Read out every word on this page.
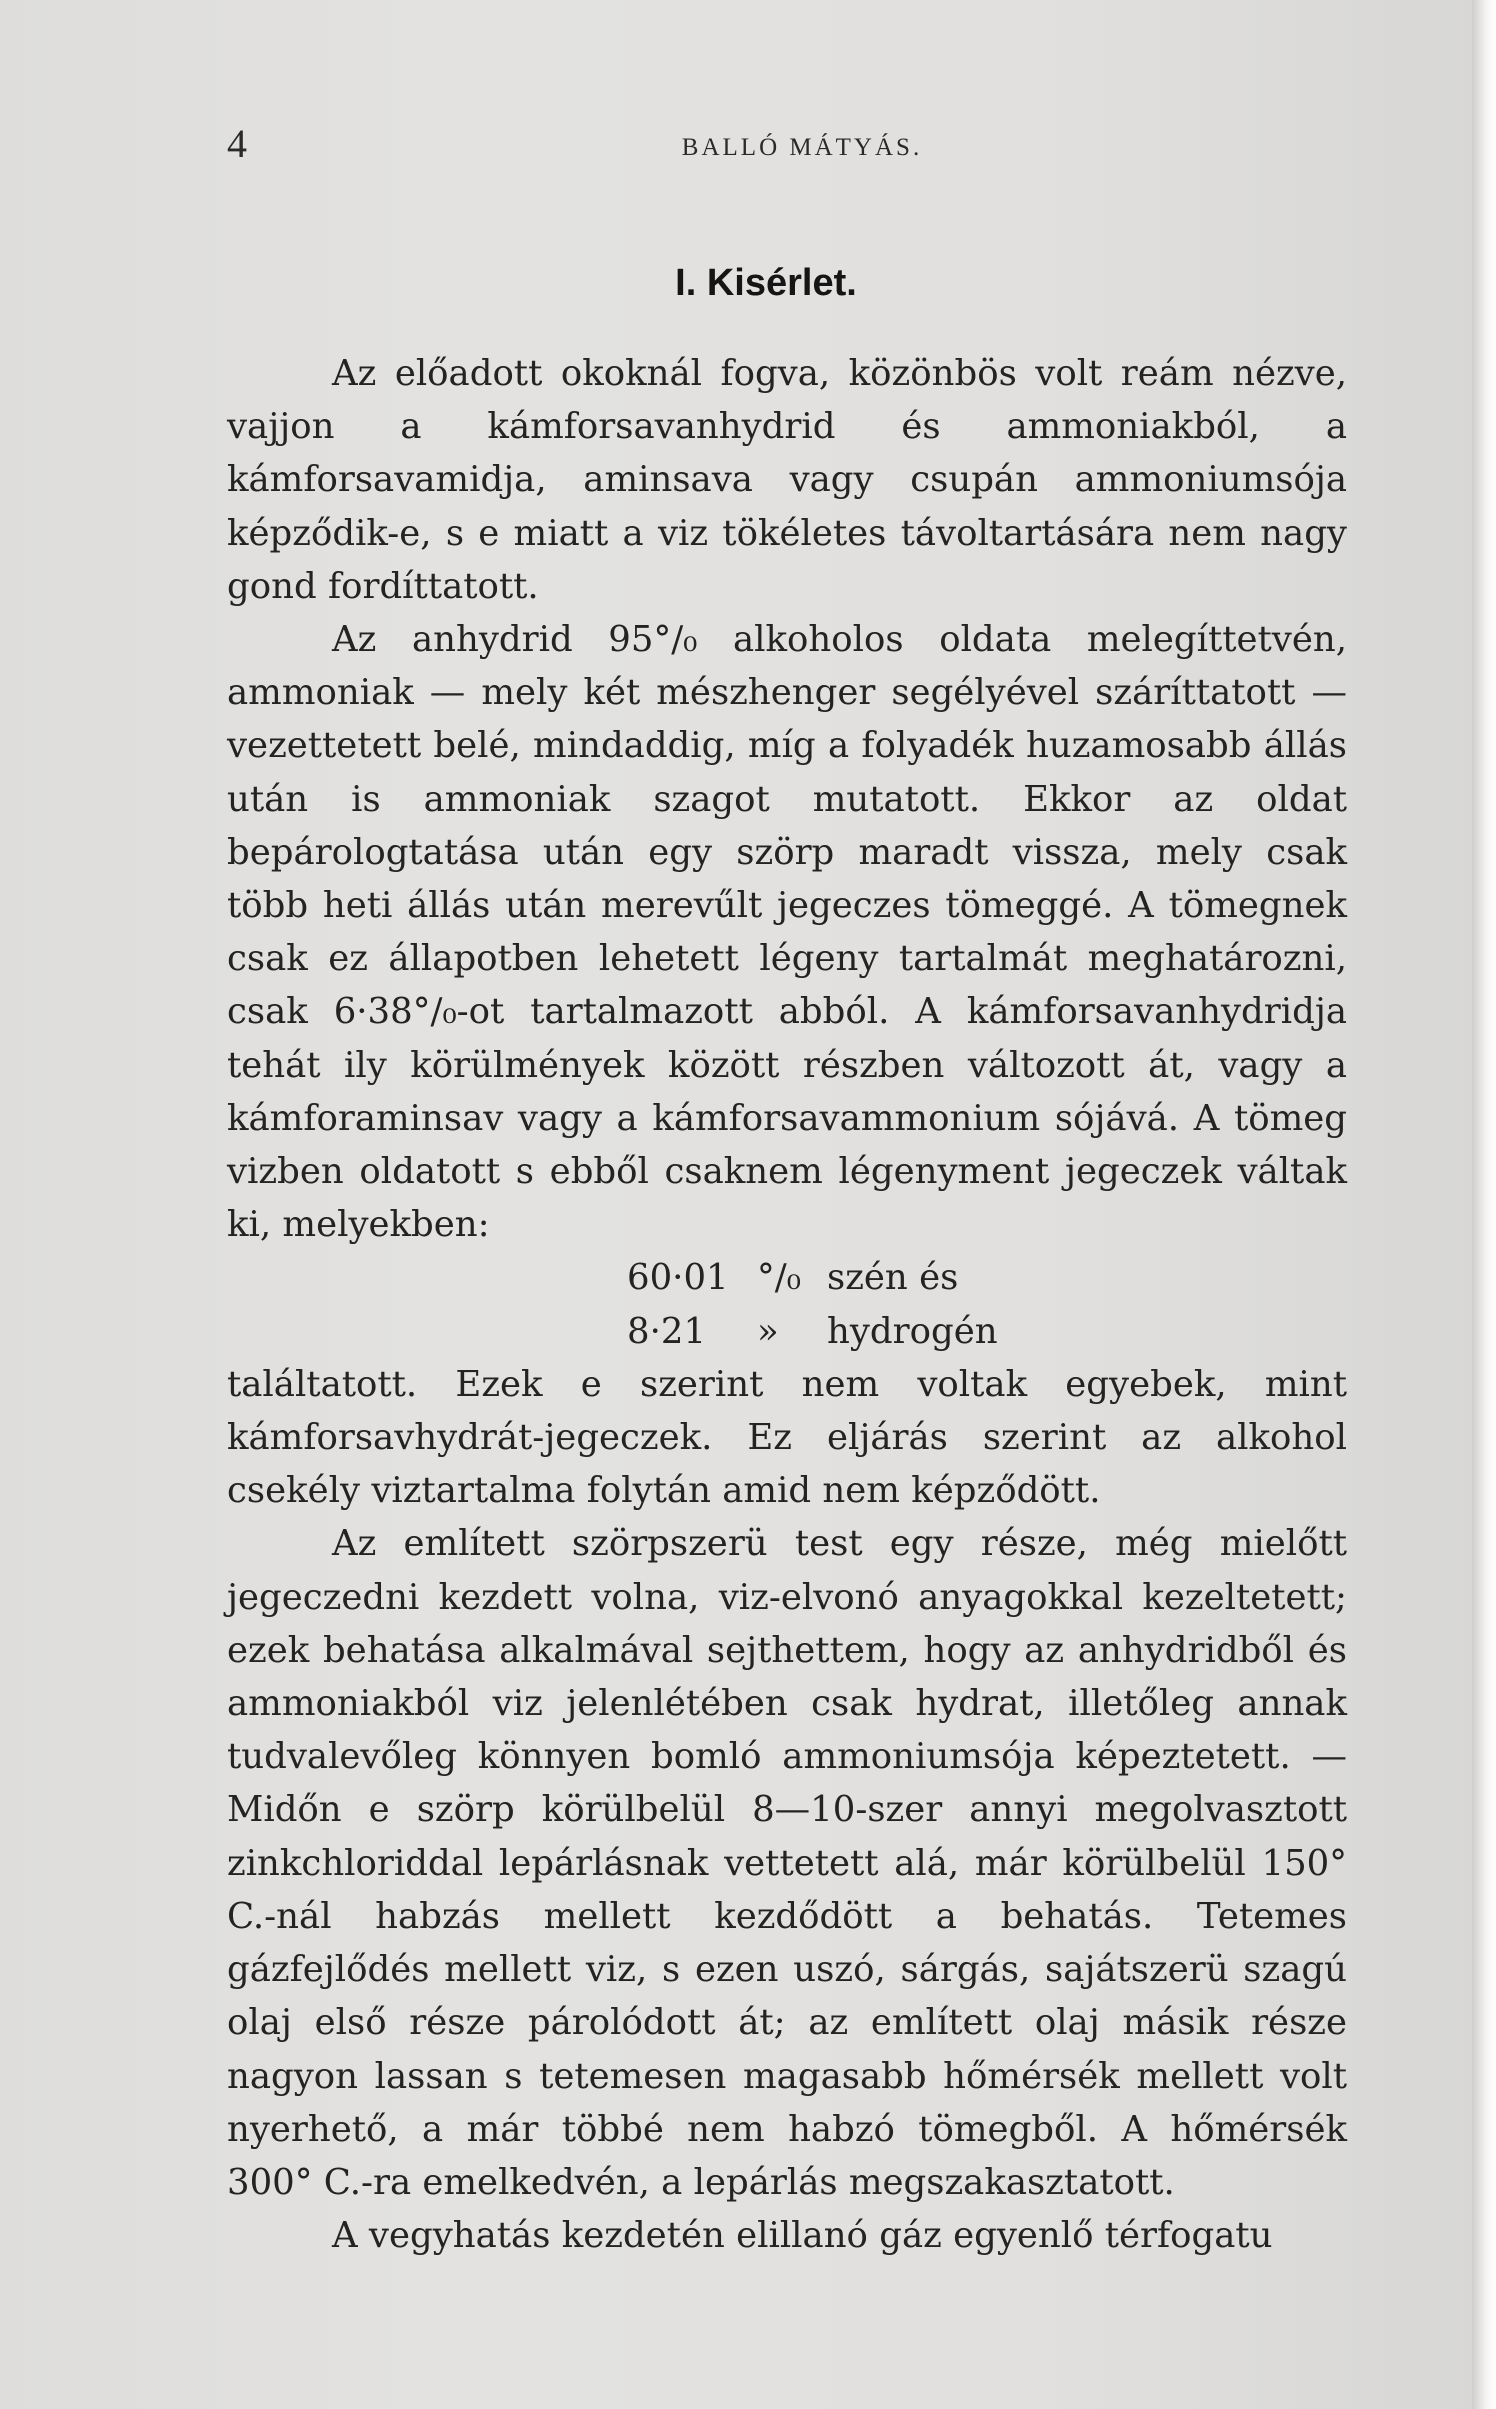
4	BALLÓ MÁTYÁS.
I. Kisérlet.

Az előadott okoknál fogva, közönbös volt reám nézve, vajjon a kámforsavanhydrid és ammoniakból, a kámforsavamidja, aminsava vagy csupán ammoniumsója képződik-e, s e miatt a viz tökéletes távoltartására nem nagy gond fordíttatott.

Az anhydrid 95°/₀ alkoholos oldata melegíttetvén, ammoniak — mely két mészhenger segélyével száríttatott — vezettetett belé, mindaddig, míg a folyadék huzamosabb állás után is ammoniak szagot mutatott. Ekkor az oldat bepárologtatása után egy szörp maradt vissza, mely csak több heti állás után merevűlt jegeczes tömeggé. A tömegnek csak ez állapotben lehetett légeny tartalmát meghatározni, csak 6·38°/₀-ot tartalmazott abból. A kámforsavanhydridja tehát ily körülmények között részben változott át, vagy a kámforaminsav vagy a kámforsavammonium sójává. A tömeg vizben oldatott s ebből csaknem légenyment jegeczek váltak ki, melyekben:

60·01 °/₀ szén és
8·21 » hydrogén

találtatott. Ezek e szerint nem voltak egyebek, mint kámforsavhydrát-jegeczek. Ez eljárás szerint az alkohol csekély viztartalma folytán amid nem képződött.

Az említett szörpszerü test egy része, még mielőtt jegeczedni kezdett volna, viz-elvonó anyagokkal kezeltetett; ezek behatása alkalmával sejthettem, hogy az anhydridből és ammoniakból viz jelenlétében csak hydrat, illetőleg annak tudvalevőleg könnyen bomló ammoniumsója képeztetett. — Midőn e szörp körülbelül 8—10-szer annyi megolvasztott zinkchloriddal lepárlásnak vettetett alá, már körülbelül 150° C.-nál habzás mellett kezdődött a behatás. Tetemes gázfejlődés mellett viz, s ezen uszó, sárgás, sajátszerü szagú olaj első része párolódott át; az említett olaj másik része nagyon lassan s tetemesen magasabb hőmérsék mellett volt nyerhető, a már többé nem habzó tömegből. A hőmérsék 300° C.-ra emelkedvén, a lepárlás megszakasztatott.

A vegyhatás kezdetén elillanó gáz egyenlő térfogatu
